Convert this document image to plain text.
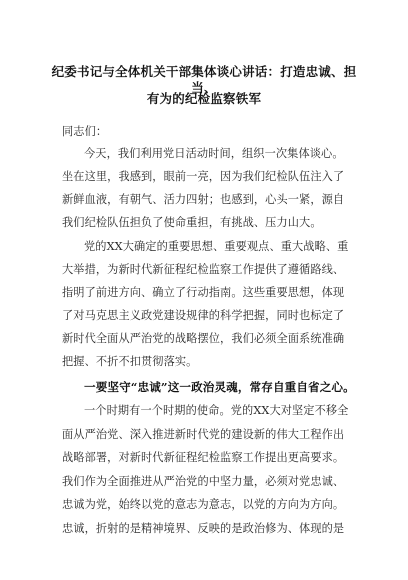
纪委书记与全体机关干部集体谈心讲话：打造忠诚、担当、
有为的纪检监察铁军
同志们：
今天，我们利用党日活动时间，组织一次集体谈心。
坐在这里，我感到，眼前一亮，因为我们纪检队伍注入了
新鲜血液，有朝气、活力四射；也感到，心头一紧，源自
我们纪检队伍担负了使命重担，有挑战、压力山大。
党的XX大确定的重要思想、重要观点、重大战略、重
大举措，为新时代新征程纪检监察工作提供了遵循路线、
指明了前进方向、确立了行动指南。这些重要思想，体现
了对马克思主义政党建设规律的科学把握，同时也标定了
新时代全面从严治党的战略摆位，我们必须全面系统准确
把握、不折不扣贯彻落实。
一要坚守“忠诚”这一政治灵魂，常存自重自省之心。
一个时期有一个时期的使命。党的XX大对坚定不移全
面从严治党、深入推进新时代党的建设新的伟大工程作出
战略部署，对新时代新征程纪检监察工作提出更高要求。
我们作为全面推进从严治党的中坚力量，必须对党忠诚、
忠诚为党，始终以党的意志为意志，以党的方向为方向。
忠诚，折射的是精神境界、反映的是政治修为、体现的是
